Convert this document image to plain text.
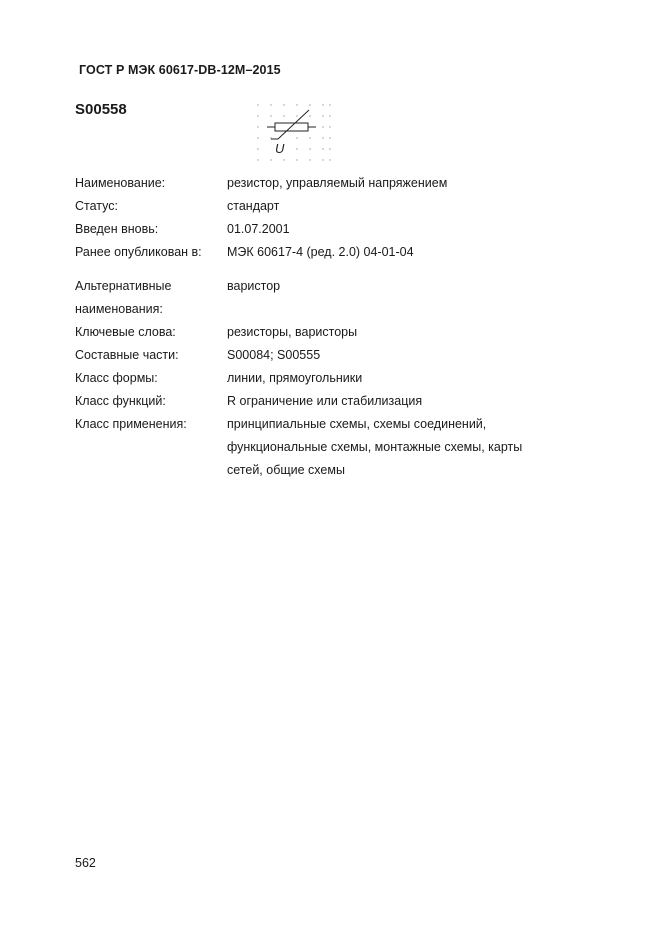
ГОСТ Р МЭК 60617-DB-12M–2015
S00558
U
Наименование:	резистор, управляемый напряжением
Статус:	стандарт
Введен вновь:	01.07.2001
Ранее опубликован в:	МЭК 60617-4 (ред. 2.0) 04-01-04
Альтернативные наименования:
варистор
Ключевые слова:	резисторы, варисторы
Составные части:	S00084; S00555
Класс формы:	линии, прямоугольники
Класс функций:	R ограничение или стабилизация
Класс применения:	принципиальные схемы, схемы соединений, функциональные схемы, монтажные схемы, карты сетей, общие схемы
562
